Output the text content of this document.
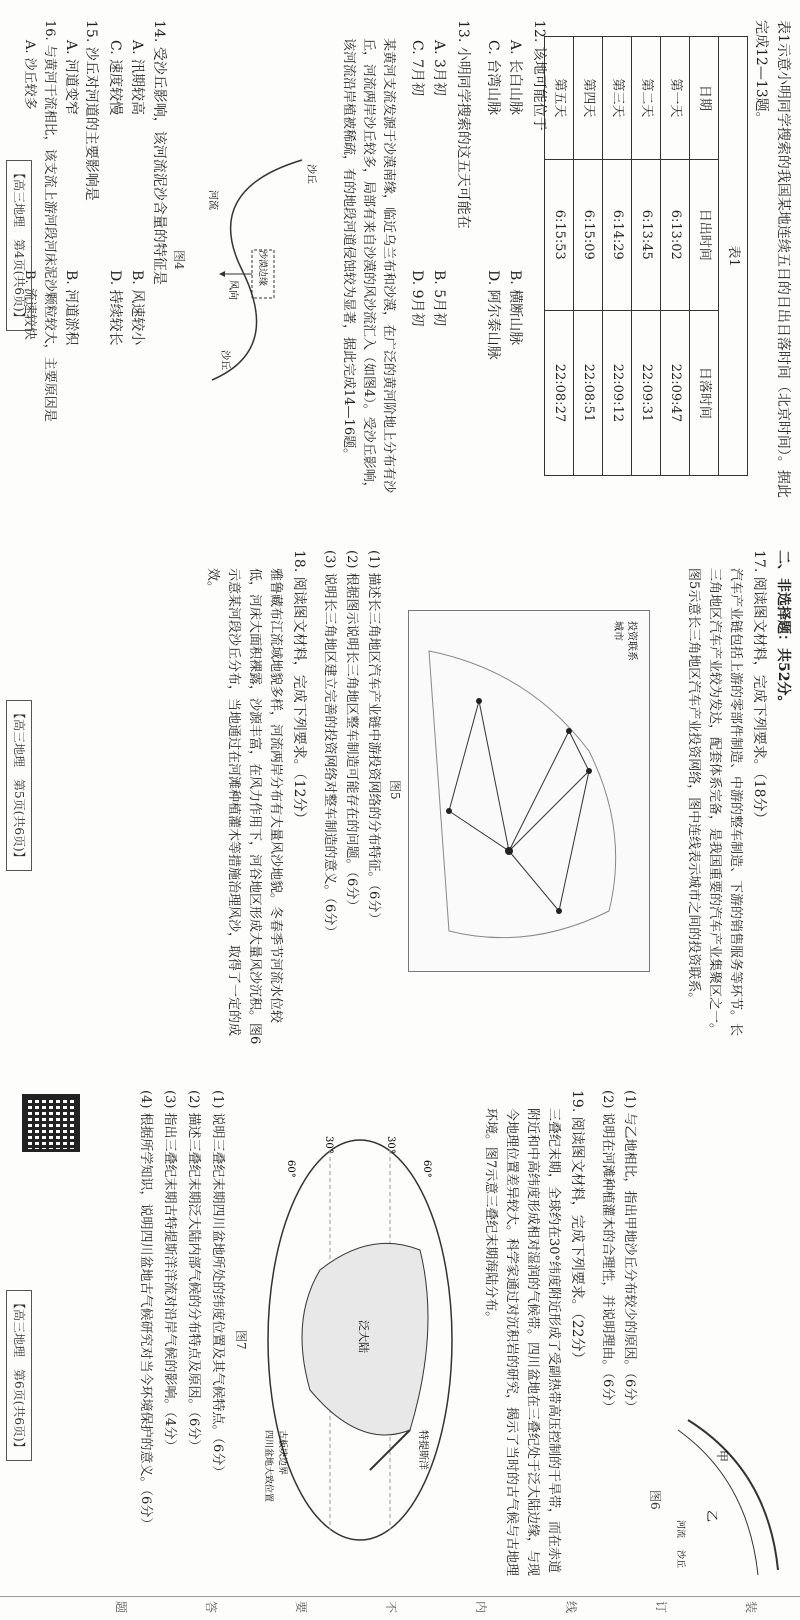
表1示意小明同学搜索的我国某地连续五日的日出日落时间（北京时间）。据此完成12—13题。
表1		
日期	日出时间	日落时间
第一天	6:13:02	22:09:47
第二天	6:13:45	22:09:31
第三天	6:14:29	22:09:12
第四天	6:15:09	22:08:51
第五天	6:15:53	22:08:27
12. 该地可能位于
A. 长白山脉B. 横断山脉
C. 台湾山脉D. 阿尔泰山脉
13. 小明同学搜索的这五天可能在
A. 3月初B. 5月初
C. 7月初D. 9月初
某黄河支流发源于沙漠南缘，临近乌兰布和沙漠，在广泛的黄河阶地上分布有沙丘，河流两岸沙丘较多，局部有来自沙漠的风沙流汇入（如图4）。受沙丘影响，该河流沿岸植被稀疏，有的地段河道侵蚀较为显著，据此完成14—16题。
沙丘
沙丘
风向
沙漠边缘
河流
图4
14. 受沙丘影响，该河流泥沙含量的特征是
A. 汛期较高B. 风速较小
C. 速度较慢D. 持续较长
15. 沙丘对河道的主要影响是
A. 河道变窄B. 河道淤积
16. 与黄河干流相比，该支流上游河段河床泥沙颗粒较大，主要原因是
A. 沙丘较多B. 流速较快
【高三地理　第4页(共6页)】
二、非选择题：共52分。
17. 阅读图文材料，完成下列要求。（18分）
汽车产业链包括上游的零部件制造、中游的整车制造、下游的销售服务等环节。长三角地区汽车产业较为发达，配套体系完备，是我国重要的汽车产业集聚区之一。图5示意长三角地区汽车产业投资网络，图中连线表示城市之间的投资联系。
投资联系
城市
图5
(1) 描述长三角地区汽车产业链中游投资网络的分布特征。（6分）
(2) 根据图示说明长三角地区整车制造可能存在的问题。（6分）
(3) 说明长三角地区建立完善的投资网络对整车制造的意义。（6分）
18. 阅读图文材料，完成下列要求。（12分）
雅鲁藏布江流域地貌多样，河流两岸分布有大量风沙地貌。冬春季节河流水位较低，河床大面积裸露，沙源丰富，在风力作用下，河谷地区形成大量风沙沉积。图6示意某河段沙丘分布，当地通过在河滩种植灌木等措施治理风沙，取得了一定的成效。
【高三地理　第5页(共6页)】
甲
乙
河流
沙丘
图6
(1) 与乙地相比，指出甲地沙丘分布较少的原因。（6分）
(2) 说明在河滩种植灌木的合理性，并说明理由。（6分）
19. 阅读图文材料，完成下列要求。（22分）
三叠纪末期，全球约在30°纬度附近形成了受副热带高压控制的干旱带，而在赤道附近和中高纬度形成相对湿润的气候带。四川盆地在三叠纪处于泛大陆边缘，与现今地理位置差异较大。科学家通过对沉积岩的研究，揭示了当时的古气候与古地理环境。图7示意三叠纪末期海陆分布。
30°
60°
30°
60°
泛大陆
特提斯洋
古板块边界
四川盆地大致位置
图7
(1) 说明三叠纪末期四川盆地所处的纬度位置及其气候特点。（6分）
(2) 描述三叠纪末期泛大陆内部气候的分布特点及原因。（6分）
(3) 指出三叠纪末期古特提斯洋洋流对沿岸气候的影响。（4分）
(4) 根据所学知识，说明四川盆地古气候研究对当今环境保护的意义。（6分）
【高三地理　第6页(共6页)】
装
订
线
内
不
要
答
题
